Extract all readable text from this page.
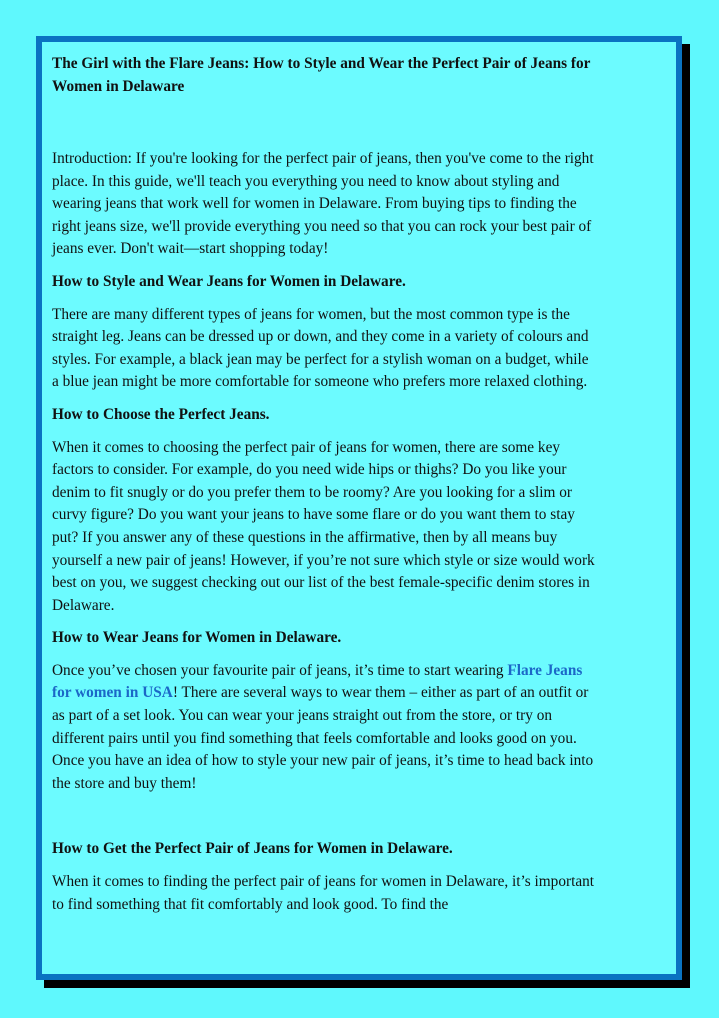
The Girl with the Flare Jeans: How to Style and Wear the Perfect Pair of Jeans for Women in Delaware

Introduction: If you're looking for the perfect pair of jeans, then you've come to the right place. In this guide, we'll teach you everything you need to know about styling and wearing jeans that work well for women in Delaware. From buying tips to finding the right jeans size, we'll provide everything you need so that you can rock your best pair of jeans ever. Don't wait—start shopping today!

How to Style and Wear Jeans for Women in Delaware.

There are many different types of jeans for women, but the most common type is the straight leg. Jeans can be dressed up or down, and they come in a variety of colours and styles. For example, a black jean may be perfect for a stylish woman on a budget, while a blue jean might be more comfortable for someone who prefers more relaxed clothing.

How to Choose the Perfect Jeans.

When it comes to choosing the perfect pair of jeans for women, there are some key factors to consider. For example, do you need wide hips or thighs? Do you like your denim to fit snugly or do you prefer them to be roomy? Are you looking for a slim or curvy figure? Do you want your jeans to have some flare or do you want them to stay put? If you answer any of these questions in the affirmative, then by all means buy yourself a new pair of jeans! However, if you’re not sure which style or size would work best on you, we suggest checking out our list of the best female-specific denim stores in Delaware.

How to Wear Jeans for Women in Delaware.

Once you’ve chosen your favourite pair of jeans, it’s time to start wearing Flare Jeans for women in USA! There are several ways to wear them – either as part of an outfit or as part of a set look. You can wear your jeans straight out from the store, or try on different pairs until you find something that feels comfortable and looks good on you. Once you have an idea of how to style your new pair of jeans, it’s time to head back into the store and buy them!

How to Get the Perfect Pair of Jeans for Women in Delaware.

When it comes to finding the perfect pair of jeans for women in Delaware, it’s important to find something that fit comfortably and look good. To find the
